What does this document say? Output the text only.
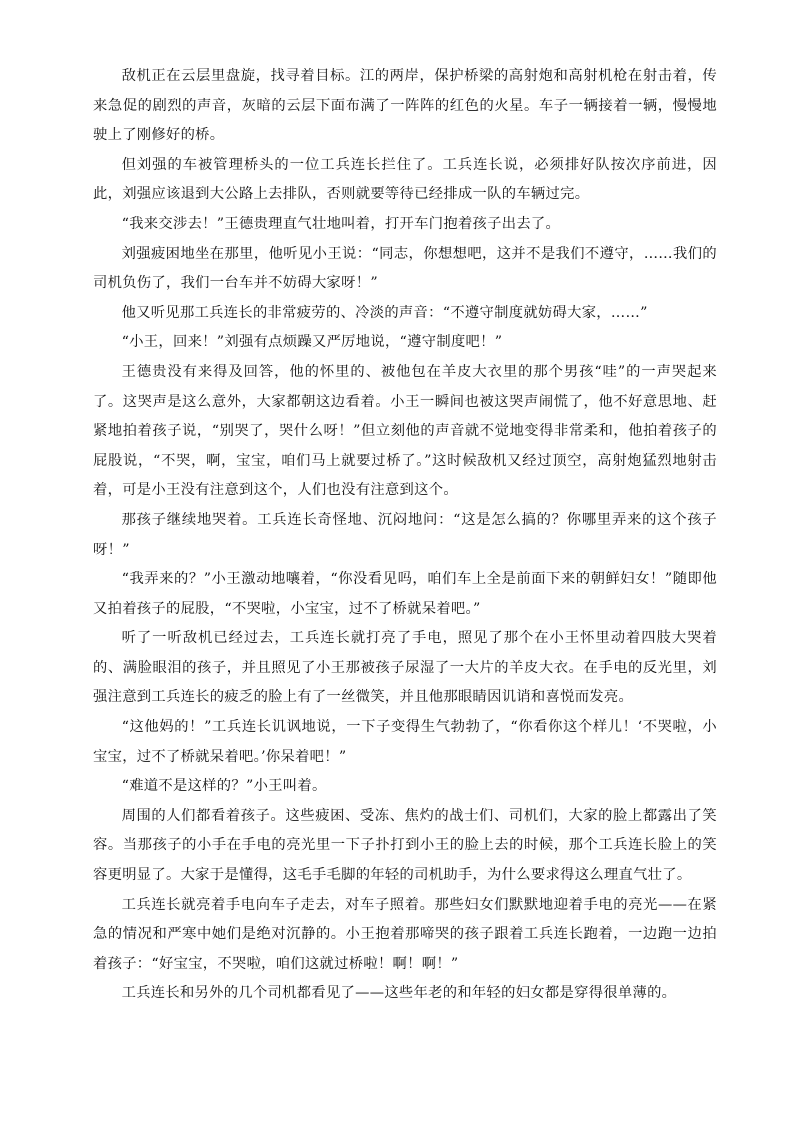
敌机正在云层里盘旋，找寻着目标。江的两岸，保护桥梁的高射炮和高射机枪在射击着，传来急促的剧烈的声音，灰暗的云层下面布满了一阵阵的红色的火星。车子一辆接着一辆，慢慢地驶上了刚修好的桥。

但刘强的车被管理桥头的一位工兵连长拦住了。工兵连长说，必须排好队按次序前进，因此，刘强应该退到大公路上去排队，否则就要等待已经排成一队的车辆过完。

“我来交涉去！”王德贵理直气壮地叫着，打开车门抱着孩子出去了。

刘强疲困地坐在那里，他听见小王说：“同志，你想想吧，这并不是我们不遵守，……我们的司机负伤了，我们一台车并不妨碍大家呀！”

他又听见那工兵连长的非常疲劳的、冷淡的声音：“不遵守制度就妨碍大家，……”

“小王，回来！”刘强有点烦躁又严厉地说，“遵守制度吧！”

王德贵没有来得及回答，他的怀里的、被他包在羊皮大衣里的那个男孩“哇”的一声哭起来了。这哭声是这么意外，大家都朝这边看着。小王一瞬间也被这哭声闹慌了，他不好意思地、赶紧地拍着孩子说，“别哭了，哭什么呀！”但立刻他的声音就不觉地变得非常柔和，他拍着孩子的屁股说，“不哭，啊，宝宝，咱们马上就要过桥了。”这时候敌机又经过顶空，高射炮猛烈地射击着，可是小王没有注意到这个，人们也没有注意到这个。

那孩子继续地哭着。工兵连长奇怪地、沉闷地问：“这是怎么搞的？你哪里弄来的这个孩子呀！”

“我弄来的？”小王激动地嚷着，“你没看见吗，咱们车上全是前面下来的朝鲜妇女！”随即他又拍着孩子的屁股，“不哭啦，小宝宝，过不了桥就呆着吧。”

听了一听敌机已经过去，工兵连长就打亮了手电，照见了那个在小王怀里动着四肢大哭着的、满脸眼泪的孩子，并且照见了小王那被孩子尿湿了一大片的羊皮大衣。在手电的反光里，刘强注意到工兵连长的疲乏的脸上有了一丝微笑，并且他那眼睛因讥诮和喜悦而发亮。

“这他妈的！”工兵连长讥讽地说，一下子变得生气勃勃了，“你看你这个样儿！‘不哭啦，小宝宝，过不了桥就呆着吧。’你呆着吧！”

“难道不是这样的？”小王叫着。

周围的人们都看着孩子。这些疲困、受冻、焦灼的战士们、司机们，大家的脸上都露出了笑容。当那孩子的小手在手电的亮光里一下子扑打到小王的脸上去的时候，那个工兵连长脸上的笑容更明显了。大家于是懂得，这毛手毛脚的年轻的司机助手，为什么要求得这么理直气壮了。

工兵连长就亮着手电向车子走去，对车子照着。那些妇女们默默地迎着手电的亮光——在紧急的情况和严寒中她们是绝对沉静的。小王抱着那啼哭的孩子跟着工兵连长跑着，一边跑一边拍着孩子：“好宝宝，不哭啦，咱们这就过桥啦！啊！啊！”

工兵连长和另外的几个司机都看见了——这些年老的和年轻的妇女都是穿得很单薄的。
